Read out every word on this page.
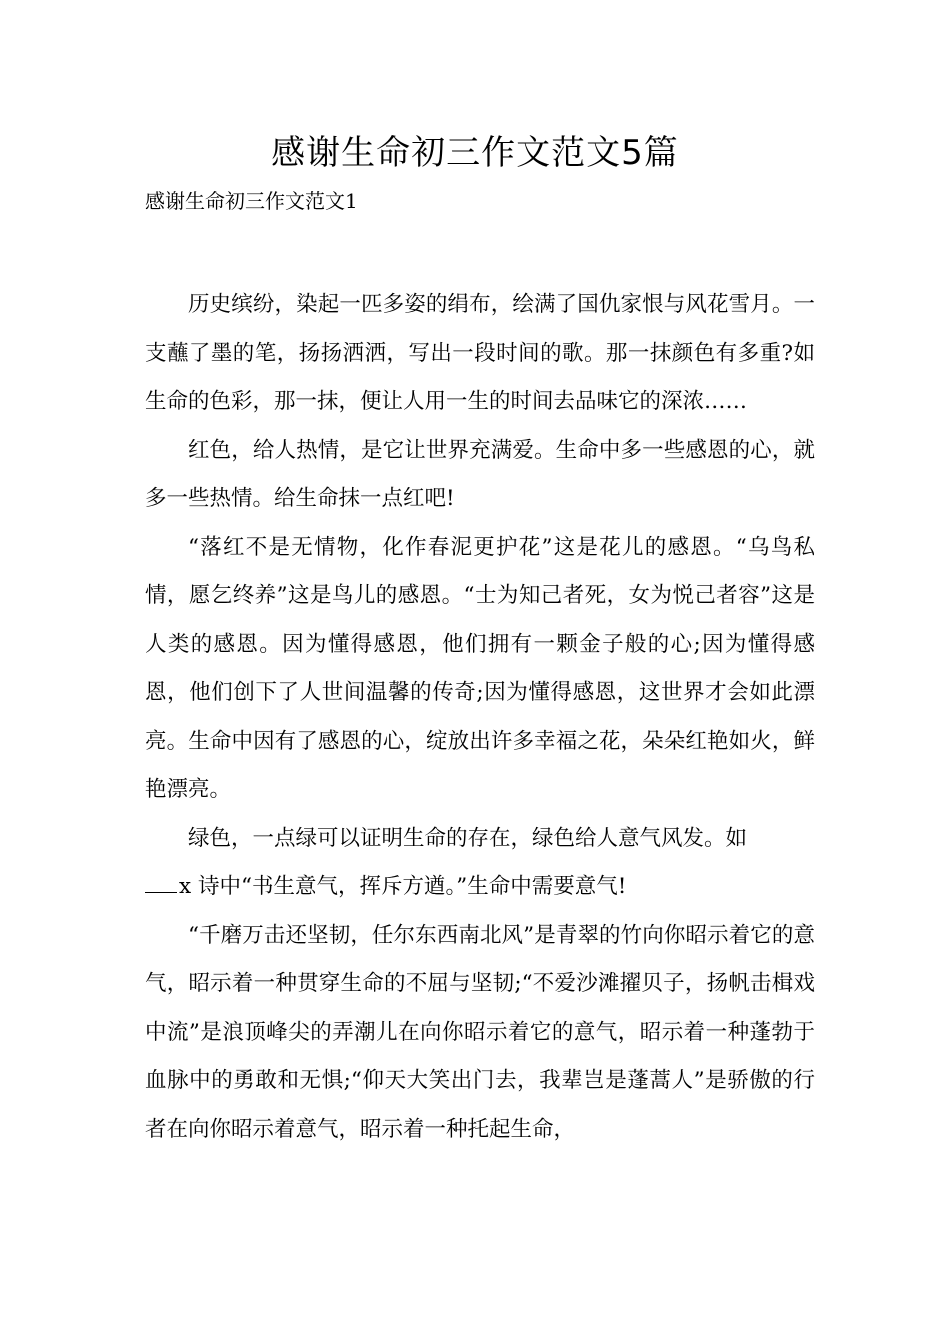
感谢生命初三作文范文5篇

感谢生命初三作文范文1

历史缤纷，染起一匹多姿的绢布，绘满了国仇家恨与风花雪月。一支蘸了墨的笔，扬扬洒洒，写出一段时间的歌。那一抹颜色有多重?如生命的色彩，那一抹，便让人用一生的时间去品味它的深浓……

红色，给人热情，是它让世界充满爱。生命中多一些感恩的心，就多一些热情。给生命抹一点红吧!

“落红不是无情物，化作春泥更护花”这是花儿的感恩。“乌鸟私情，愿乞终养”这是鸟儿的感恩。“士为知己者死，女为悦己者容”这是人类的感恩。因为懂得感恩，他们拥有一颗金子般的心;因为懂得感恩，他们创下了人世间温馨的传奇;因为懂得感恩，这世界才会如此漂亮。生命中因有了感恩的心，绽放出许多幸福之花，朵朵红艳如火，鲜艳漂亮。

绿色，一点绿可以证明生命的存在，绿色给人意气风发。如

x 诗中“书生意气，挥斥方遒。”生命中需要意气!

“千磨万击还坚韧，任尔东西南北风”是青翠的竹向你昭示着它的意气，昭示着一种贯穿生命的不屈与坚韧;“不爱沙滩擢贝子，扬帆击楫戏中流”是浪顶峰尖的弄潮儿在向你昭示着它的意气，昭示着一种蓬勃于血脉中的勇敢和无惧;“仰天大笑出门去，我辈岂是蓬蒿人”是骄傲的行者在向你昭示着意气，昭示着一种托起生命，
